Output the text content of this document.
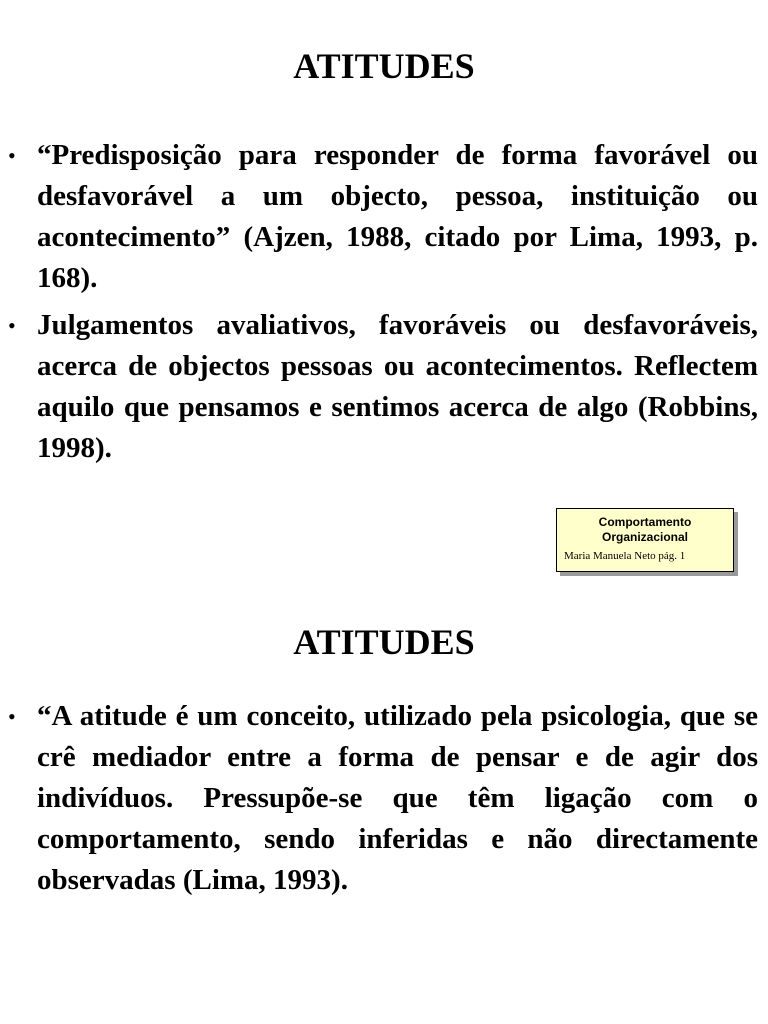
ATITUDES
• “Predisposição para responder de forma favorável ou desfavorável a um objecto, pessoa, instituição ou acontecimento” (Ajzen, 1988, citado por Lima, 1993, p. 168).
• Julgamentos avaliativos, favoráveis ou desfavoráveis, acerca de objectos pessoas ou acontecimentos. Reflectem aquilo que pensamos e sentimos acerca de algo (Robbins, 1998).
Comportamento Organizacional
Maria Manuela Neto pág. 1
ATITUDES
• “A atitude é um conceito, utilizado pela psicologia, que se crê mediador entre a forma de pensar e de agir dos indivíduos. Pressupõe-se que têm ligação com o comportamento, sendo inferidas e não directamente observadas (Lima, 1993).
